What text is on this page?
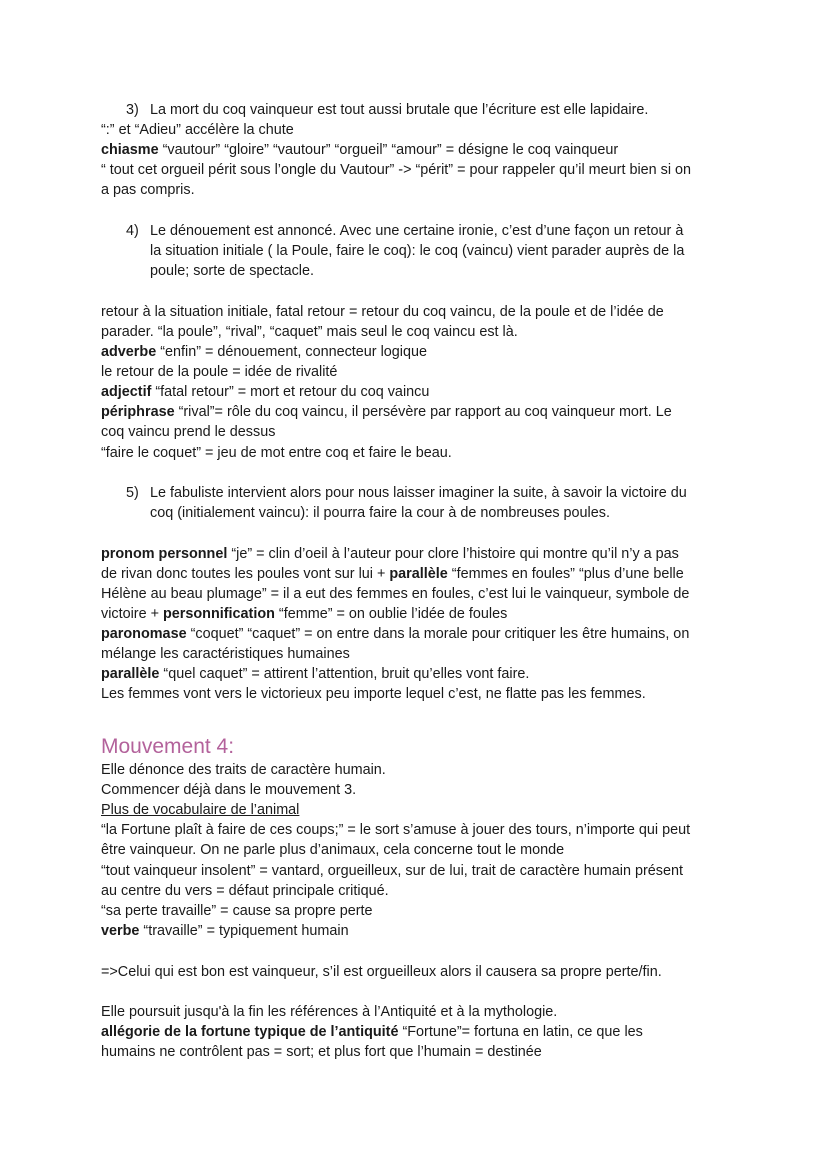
3) La mort du coq vainqueur est tout aussi brutale que l’écriture est elle lapidaire.
“:” et “Adieu” accélère la chute
chiasme “vautour” “gloire” “vautour” “orgueil” “amour” = désigne le coq vainqueur
“ tout cet orgueil périt sous l’ongle du Vautour” -> “périt” = pour rappeler qu’il meurt bien si on
a pas compris.
4) Le dénouement est annoncé. Avec une certaine ironie, c’est d’une façon un retour à
la situation initiale ( la Poule, faire le coq): le coq (vaincu) vient parader auprès de la
poule; sorte de spectacle.
retour à la situation initiale, fatal retour = retour du coq vaincu, de la poule et de l’idée de
parader. “la poule”, “rival”, “caquet” mais seul le coq vaincu est là.
adverbe “enfin” = dénouement, connecteur logique
le retour de la poule = idée de rivalité
adjectif “fatal retour” = mort et retour du coq vaincu
périphrase “rival”= rôle du coq vaincu, il persévère par rapport au coq vainqueur mort. Le
coq vaincu prend le dessus
“faire le coquet” = jeu de mot entre coq et faire le beau.
5) Le fabuliste intervient alors pour nous laisser imaginer la suite, à savoir la victoire du
coq (initialement vaincu): il pourra faire la cour à de nombreuses poules.
pronom personnel “je” = clin d’oeil à l’auteur pour clore l’histoire qui montre qu’il n’y a pas
de rivan donc toutes les poules vont sur lui + parallèle “femmes en foules” “plus d’une belle
Hélène au beau plumage” = il a eut des femmes en foules, c’est lui le vainqueur, symbole de
victoire + personnification “femme” = on oublie l’idée de foules
paronomase “coquet” “caquet” = on entre dans la morale pour critiquer les être humains, on
mélange les caractéristiques humaines
parallèle “quel caquet” = attirent l’attention, bruit qu’elles vont faire.
Les femmes vont vers le victorieux peu importe lequel c’est, ne flatte pas les femmes.
Mouvement 4:
Elle dénonce des traits de caractère humain.
Commencer déjà dans le mouvement 3.
Plus de vocabulaire de l’animal
“la Fortune plaît à faire de ces coups;” = le sort s’amuse à jouer des tours, n’importe qui peut
être vainqueur. On ne parle plus d’animaux, cela concerne tout le monde
“tout vainqueur insolent” = vantard, orgueilleux, sur de lui, trait de caractère humain présent
au centre du vers = défaut principale critiqué.
“sa perte travaille” = cause sa propre perte
verbe “travaille” = typiquement humain
=>Celui qui est bon est vainqueur, s’il est orgueilleux alors il causera sa propre perte/fin.
Elle poursuit jusqu'à la fin les références à l’Antiquité et à la mythologie.
allégorie de la fortune typique de l’antiquité “Fortune”= fortuna en latin, ce que les
humains ne contrôlent pas = sort; et plus fort que l’humain = destinée
